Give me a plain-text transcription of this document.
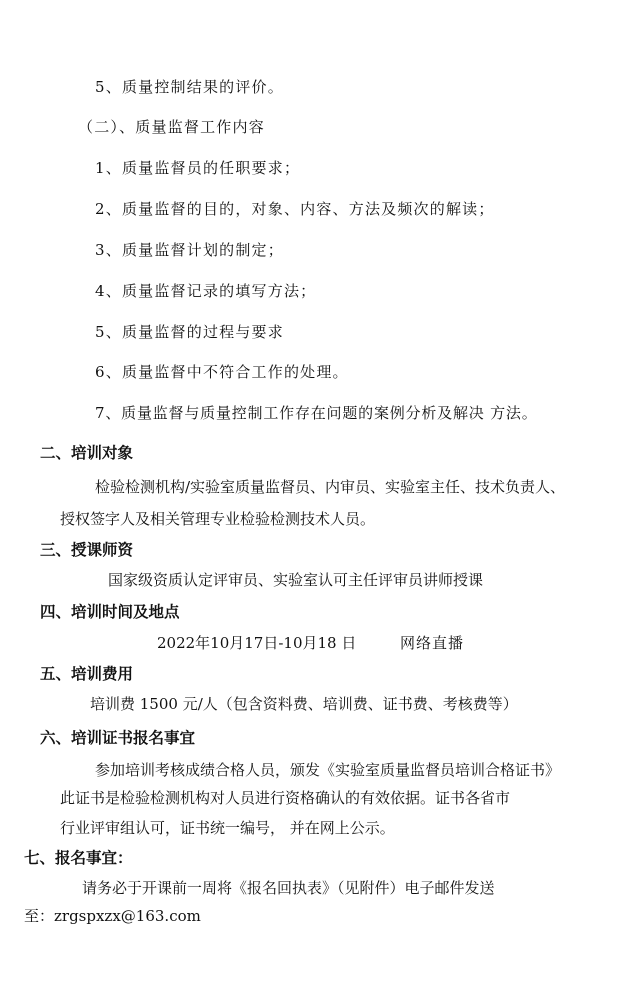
5、质量控制结果的评价。
（二）、质量监督工作内容
1、质量监督员的任职要求；
2、质量监督的目的，对象、内容、方法及频次的解读；
3、质量监督计划的制定；
4、质量监督记录的填写方法；
5、质量监督的过程与要求
6、质量监督中不符合工作的处理。
7、质量监督与质量控制工作存在问题的案例分析及解决 方法。
二、培训对象
检验检测机构/实验室质量监督员、内审员、实验室主任、技术负责人、
授权签字人及相关管理专业检验检测技术人员。
三、授课师资
国家级资质认定评审员、实验室认可主任评审员讲师授课
四、培训时间及地点
2022年10月17日-10月18 日	网络直播
五、培训费用
培训费 1500 元/人（包含资料费、培训费、证书费、考核费等）
六、培训证书报名事宜
参加培训考核成绩合格人员，颁发《实验室质量监督员培训合格证书》
此证书是检验检测机构对人员进行资格确认的有效依据。证书各省市
行业评审组认可，证书统一编号， 并在网上公示。
七、报名事宜：
请务必于开课前一周将《报名回执表》（见附件）电子邮件发送
至：zrgspxzx@163.com
